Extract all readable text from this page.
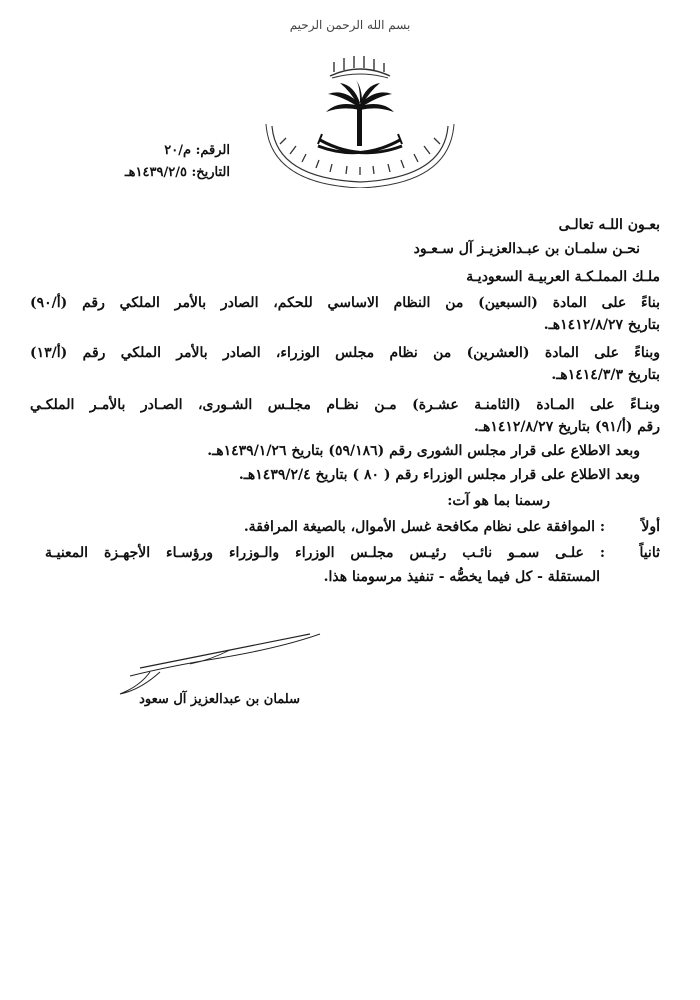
بسم الله الرحمن الرحيم
الرقم: م/٢٠
التاريخ: ١٤٣٩/٢/٥هـ
بعـون اللـه تعالـى
نحـن سلمـان بن عبـدالعزيـز آل سـعـود
ملـك المملـكـة العربيـة السعوديـة
بناءً على المادة (السبعين) من النظام الاساسي للحكم، الصادر بالأمر الملكي رقم (أ/٩٠)
بتاريخ ١٤١٢/٨/٢٧هـ.
وبناءً على المادة (العشرين) من نظام مجلس الوزراء، الصادر بالأمر الملكي رقم (أ/١٣)
بتاريخ ١٤١٤/٣/٣هـ.
وبنـاءً على المـادة (الثامنـة عشـرة) مـن نظـام مجلـس الشـورى، الصـادر بالأمـر الملكـي
رقم (أ/٩١) بتاريخ ١٤١٢/٨/٢٧هـ.
وبعد الاطلاع على قرار مجلس الشورى رقم (٥٩/١٨٦) بتاريخ ١٤٣٩/١/٢٦هـ.
وبعد الاطلاع على قرار مجلس الوزراء رقم ( ٨٠ ) بتاريخ ١٤٣٩/٢/٤هـ.
رسمنا بما هو آت:
أولاً
: الموافقة على نظام مكافحة غسل الأموال، بالصيغة المرافقة.
ثانياً
: علـى سمـو نائـب رئيـس مجلـس الوزراء والـوزراء ورؤسـاء الأجهـزة المعنيـة
المستقلة - كل فيما يخصُّه - تنفيذ مرسومنا هذا.
سلمان بن عبدالعزيز آل سعود
